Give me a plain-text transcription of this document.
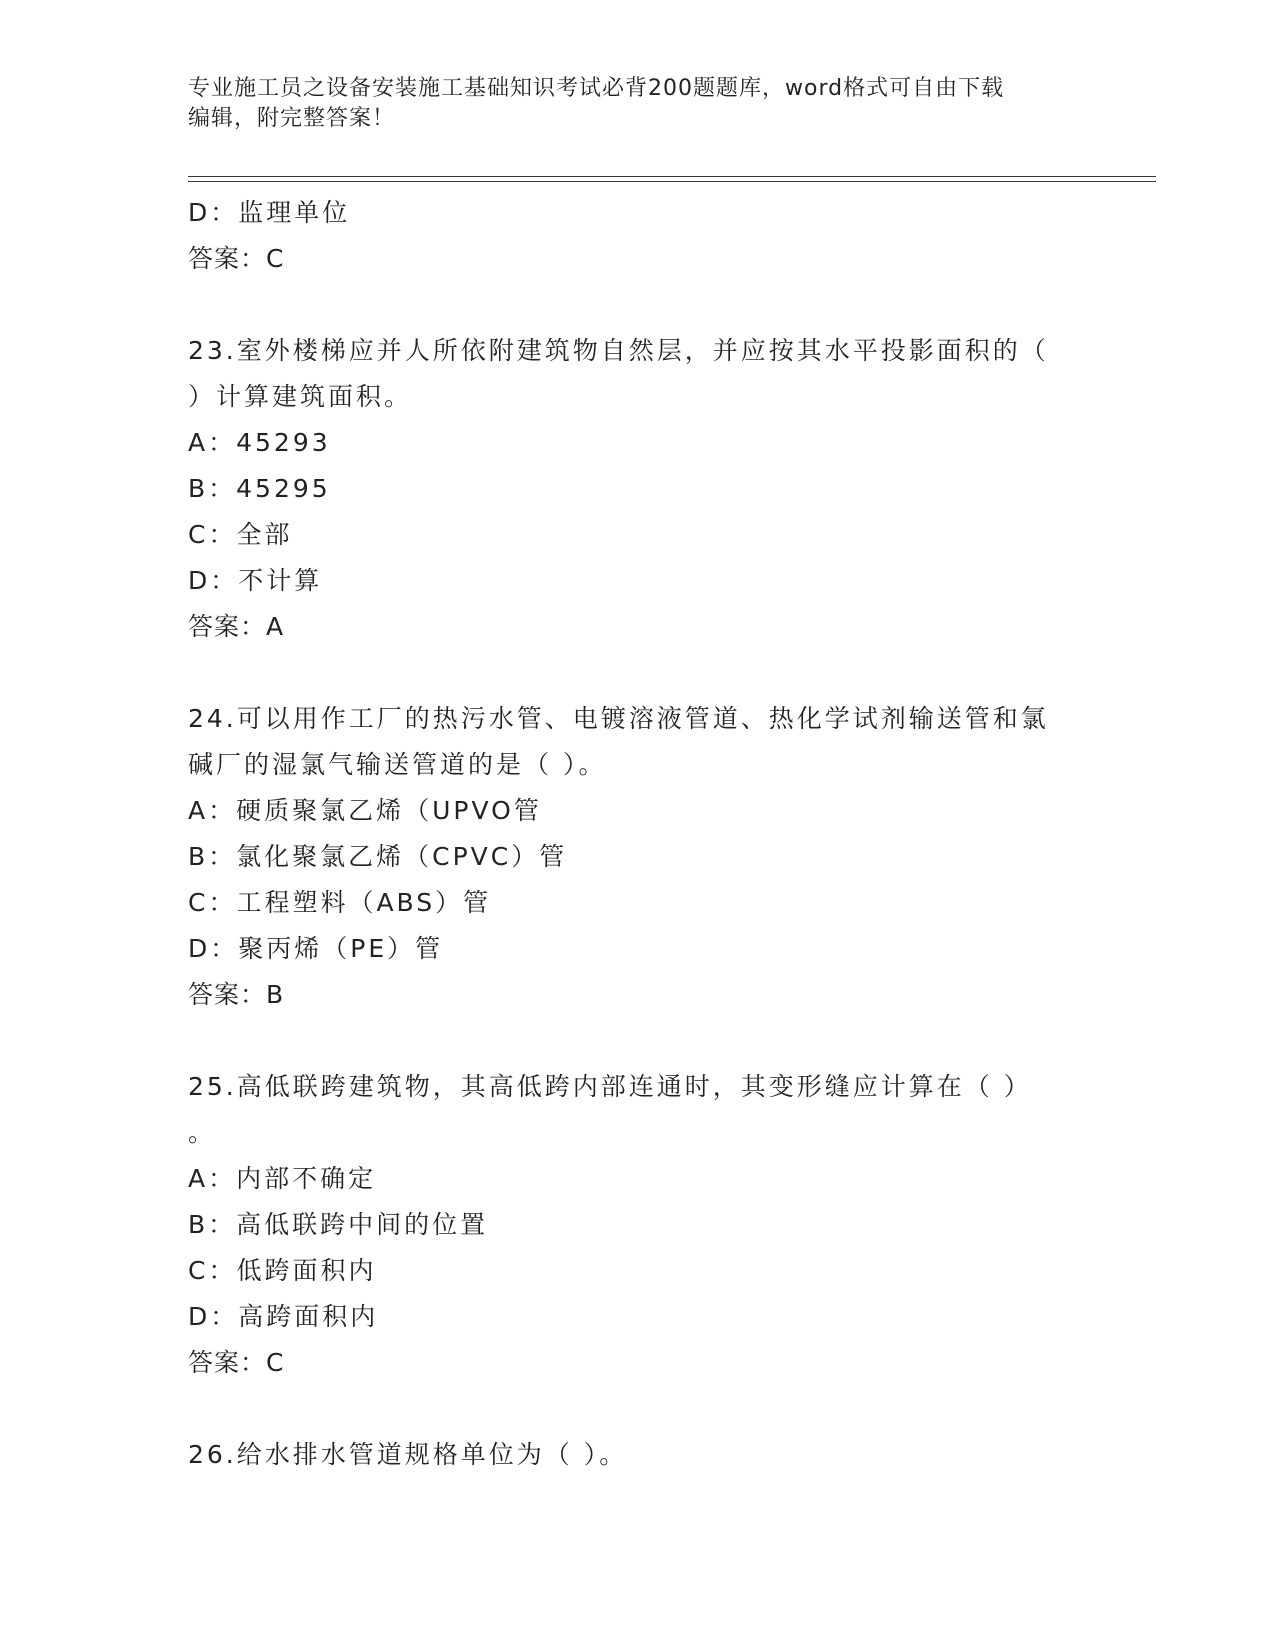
专业施工员之设备安装施工基础知识考试必背200题题库，word格式可自由下载
编辑，附完整答案！

D：监理单位

答案：C

23.室外楼梯应并人所依附建筑物自然层，并应按其水平投影面积的（

）计算建筑面积。

A：45293

B：45295

C：全部

D：不计算

答案：A

24.可以用作工厂的热污水管、电镀溶液管道、热化学试剂输送管和氯

碱厂的湿氯气输送管道的是（ ）。

A：硬质聚氯乙烯（UPVO管

B：氯化聚氯乙烯（CPVC）管

C：工程塑料（ABS）管

D：聚丙烯（PE）管

答案：B

25.高低联跨建筑物，其高低跨内部连通时，其变形缝应计算在（ ）

。

A：内部不确定

B：高低联跨中间的位置

C：低跨面积内

D：高跨面积内

答案：C

26.给水排水管道规格单位为（ ）。
